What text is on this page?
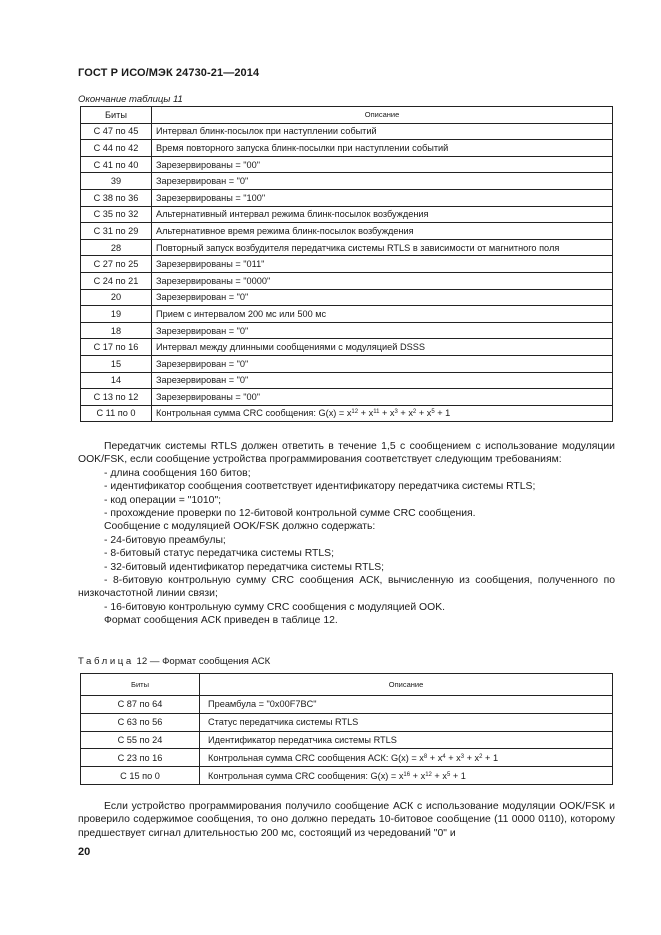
ГОСТ Р ИСО/МЭК 24730-21—2014
Окончание таблицы 11
Биты	Описание
С 47 по 45	Интервал блинк-посылок при наступлении событий
С 44 по 42	Время повторного запуска блинк-посылки при наступлении событий
С 41 по 40	Зарезервированы = "00"
39	Зарезервирован = "0"
С 38 по 36	Зарезервированы = "100"
С 35 по 32	Альтернативный интервал режима блинк-посылок возбуждения
С 31 по 29	Альтернативное время режима блинк-посылок возбуждения
28	Повторный запуск возбудителя передатчика системы RTLS в зависимости от магнитного поля
С 27 по 25	Зарезервированы = "011"
С 24 по 21	Зарезервированы = "0000"
20	Зарезервирован = "0"
19	Прием с интервалом 200 мс или 500 мс
18	Зарезервирован = "0"
С 17 по 16	Интервал между длинными сообщениями с модуляцией DSSS
15	Зарезервирован = "0"
14	Зарезервирован = "0"
С 13 по 12	Зарезервированы = "00"
С 11 по 0	Контрольная сумма CRC сообщения: $G(x) = x^{12} + x^{11} + x^3 + x^2 + x^5 + 1$

Передатчик системы RTLS должен ответить в течение 1,5 с сообщением с использование модуляции OOK/FSK, если сообщение устройства программирования соответствует следующим требованиям:

- длина сообщения 160 битов;

- идентификатор сообщения соответствует идентификатору передатчика системы RTLS;

- код операции = "1010";

- прохождение проверки по 12-битовой контрольной сумме CRC сообщения.

Сообщение с модуляцией OOK/FSK должно содержать:

- 24-битовую преамбулы;

- 8-битовый статус передатчика системы RTLS;

- 32-битовый идентификатор передатчика системы RTLS;

- 8-битовую контрольную сумму CRC сообщения АСК, вычисленную из сообщения, полученного по низкочастотной линии связи;

- 16-битовую контрольную сумму CRC сообщения с модуляцией OOK.

Формат сообщения АСК приведен в таблице 12.

Таблица 12 — Формат сообщения АСК
Биты	Описание
С 87 по 64	Преамбула = "0x00F7BC"
С 63 по 56	Статус передатчика системы RTLS
С 55 по 24	Идентификатор передатчика системы RTLS
С 23 по 16	Контрольная сумма CRC сообщения АСК: $G(x) = x^8 + x^4 + x^3 + x^2 + 1$
С 15 по 0	Контрольная сумма CRC сообщения: $G(x) = x^{16} + x^{12} + x^5 + 1$

Если устройство программирования получило сообщение АСК с использование модуляции OOK/FSK и проверило содержимое сообщения, то оно должно передать 10-битовое сообщение (11 0000 0110), которому предшествует сигнал длительностью 200 мс, состоящий из чередований "0" и

20
